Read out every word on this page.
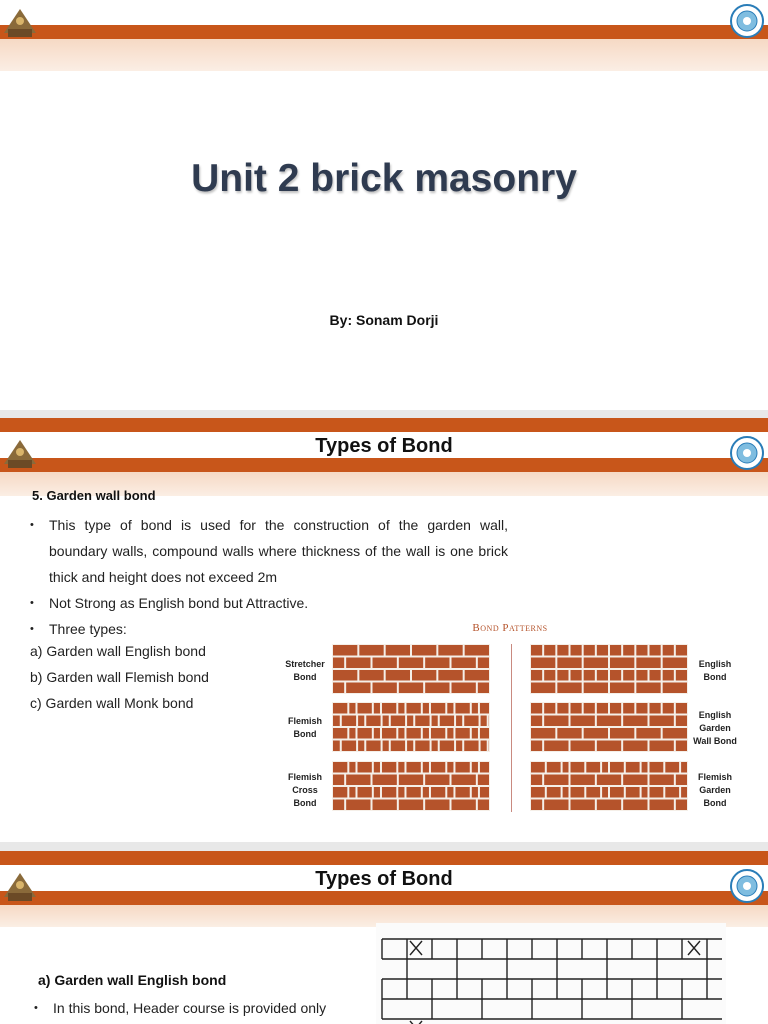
Unit 2 brick masonry
By: Sonam Dorji
Types of Bond
5. Garden wall bond
• This type of bond is used for the construction of the garden wall, boundary walls, compound walls where thickness of the wall is one brick thick and height does not exceed 2m
• Not Strong as English bond but Attractive.
• Three types:
a) Garden wall English bond
b) Garden wall Flemish bond
c) Garden wall Monk bond
Bond Patterns
Stretcher Bond
Flemish Bond
Flemish Cross Bond
English Bond
English Garden Wall Bond
Flemish Garden Bond
Types of Bond
a) Garden wall English bond
• In this bond, Header course is provided only
